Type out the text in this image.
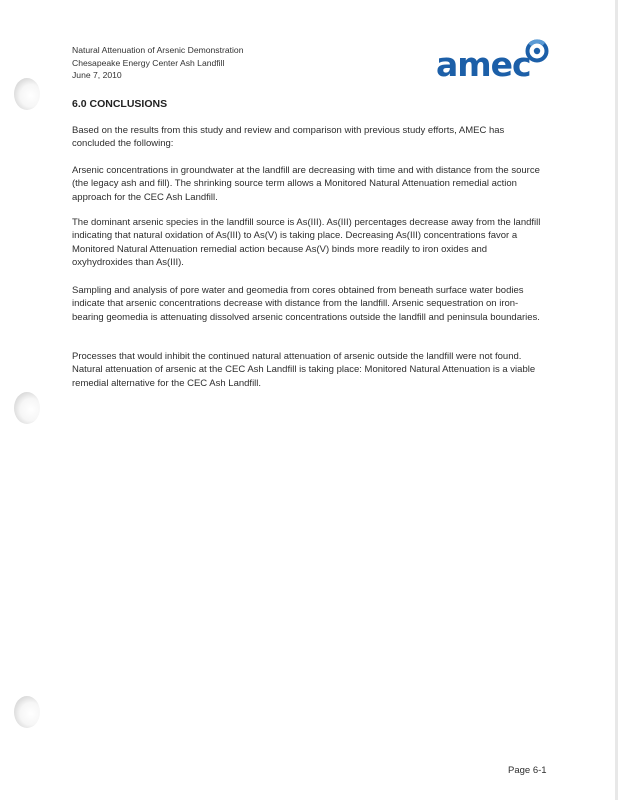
Natural Attenuation of Arsenic Demonstration
Chesapeake Energy Center Ash Landfill
June 7, 2010	amec
6.0 CONCLUSIONS

Based on the results from this study and review and comparison with previous study efforts, AMEC has concluded the following:

Arsenic concentrations in groundwater at the landfill are decreasing with time and with distance from the source (the legacy ash and fill). The shrinking source term allows a Monitored Natural Attenuation remedial action approach for the CEC Ash Landfill.

The dominant arsenic species in the landfill source is As(III). As(III) percentages decrease away from the landfill indicating that natural oxidation of As(III) to As(V) is taking place. Decreasing As(III) concentrations favor a Monitored Natural Attenuation remedial action because As(V) binds more readily to iron oxides and oxyhydroxides than As(III).

Sampling and analysis of pore water and geomedia from cores obtained from beneath surface water bodies indicate that arsenic concentrations decrease with distance from the landfill. Arsenic sequestration on iron-bearing geomedia is attenuating dissolved arsenic concentrations outside the landfill and peninsula boundaries.

Processes that would inhibit the continued natural attenuation of arsenic outside the landfill were not found. Natural attenuation of arsenic at the CEC Ash Landfill is taking place: Monitored Natural Attenuation is a viable remedial alternative for the CEC Ash Landfill.

Page 6-1
